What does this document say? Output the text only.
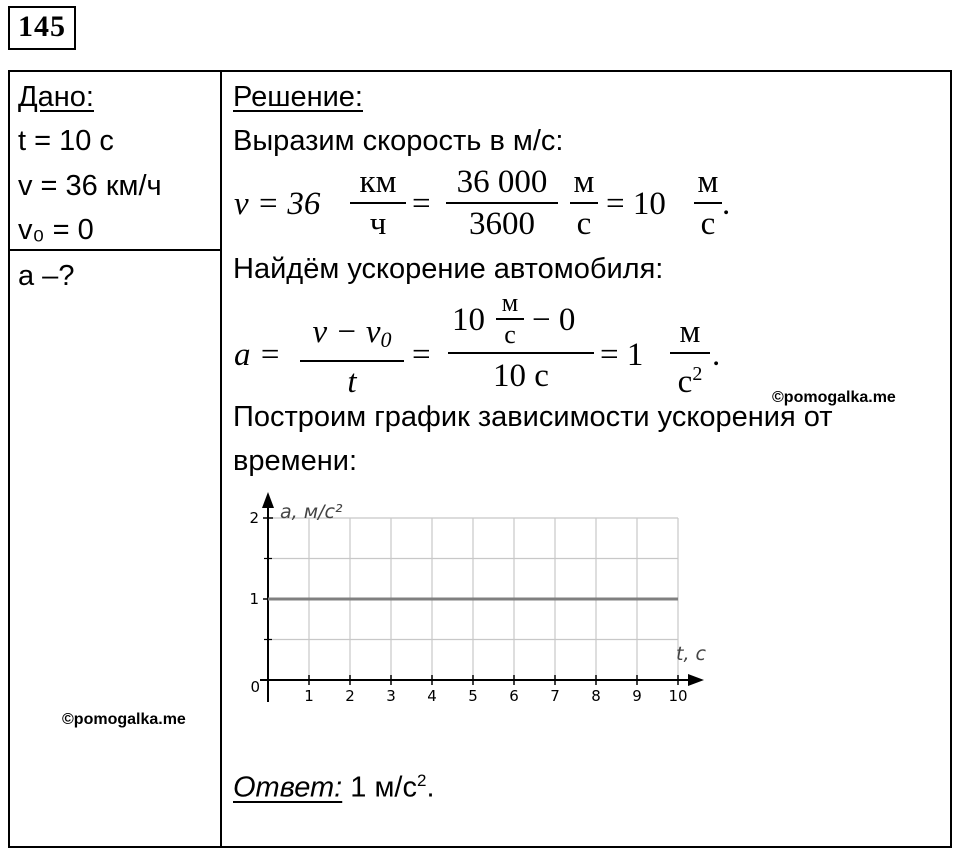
145
Дано:
t = 10 с
v = 36 км/ч
v₀ = 0
a –?
Решение:
Выразим скорость в м/с:
v = 36
км
ч
=
36 000
3600
м
с
= 10
м
с
.
Найдём ускорение автомобиля:
a =
$v - v_0$
t
=
10 м
с − 0
10 с
= 1
м
$с^2$
.
©pomogalka.me
Построим график зависимости ускорения от
времени:
1 2 3 4 5 6 7 8 9 10
1
2
0
a, м/с²
t, с
©pomogalka.me
Ответ: 1 $м/с^2$.
